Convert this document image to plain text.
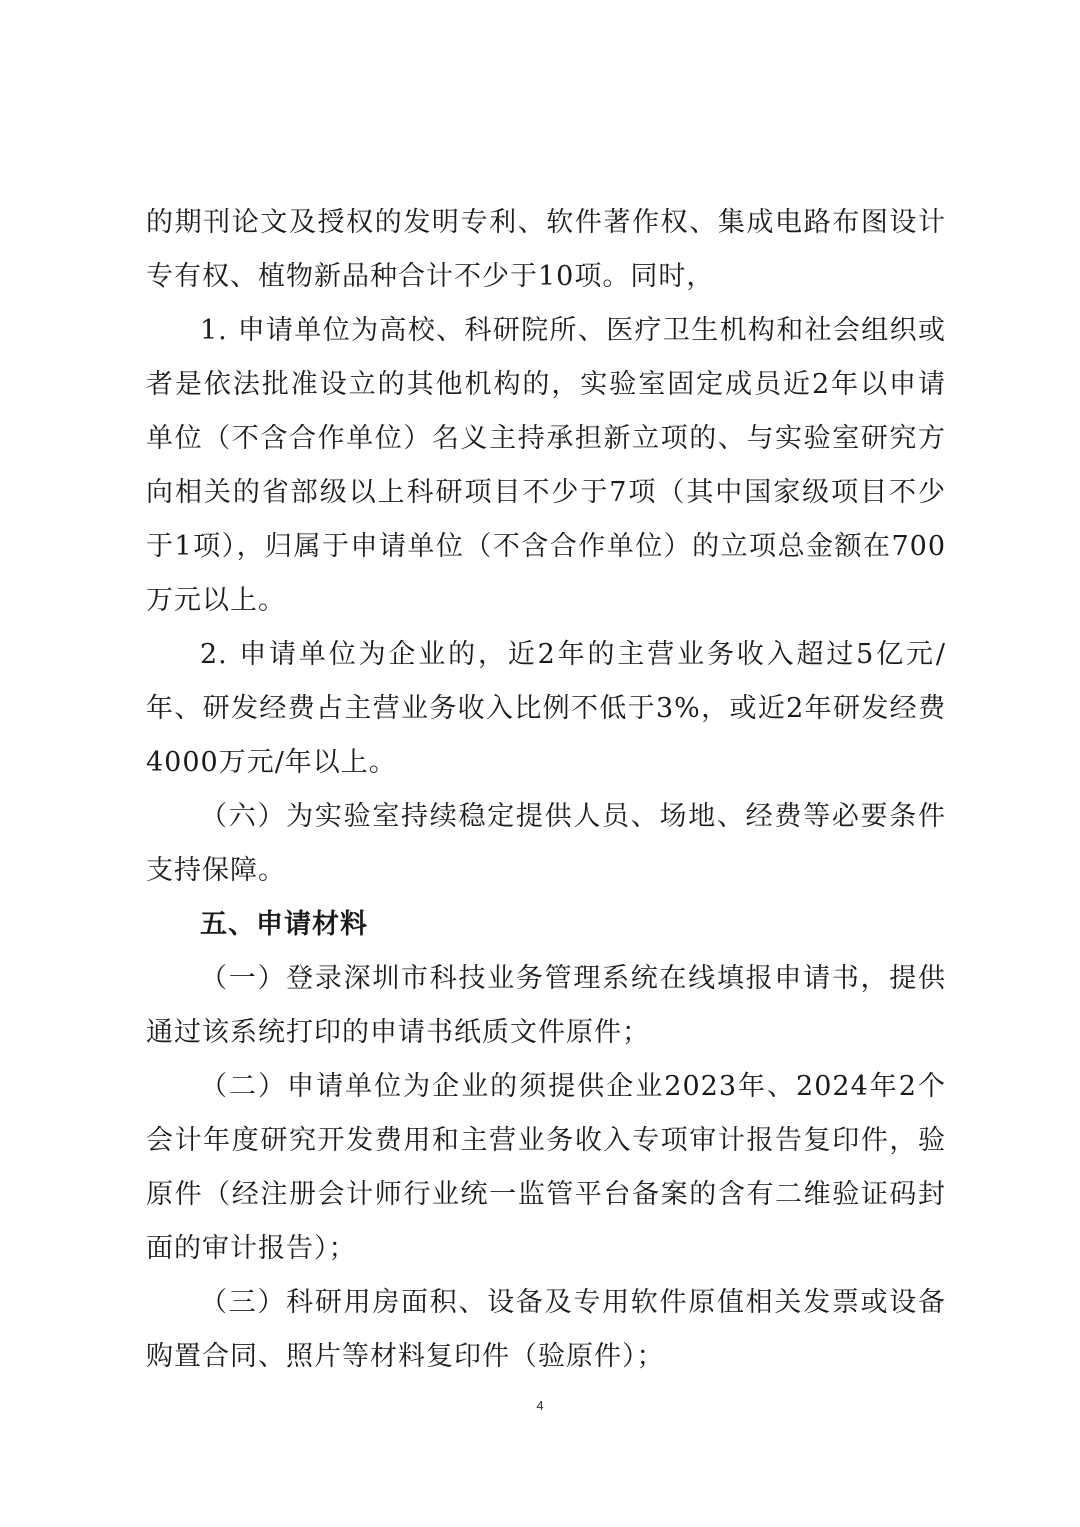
的期刊论文及授权的发明专利、软件著作权、集成电路布图设计专有权、植物新品种合计不少于10项。同时，

1. 申请单位为高校、科研院所、医疗卫生机构和社会组织或者是依法批准设立的其他机构的，实验室固定成员近2年以申请单位（不含合作单位）名义主持承担新立项的、与实验室研究方向相关的省部级以上科研项目不少于7项（其中国家级项目不少于1项），归属于申请单位（不含合作单位）的立项总金额在700万元以上。

2. 申请单位为企业的，近2年的主营业务收入超过5亿元/年、研发经费占主营业务收入比例不低于3%，或近2年研发经费4000万元/年以上。

（六）为实验室持续稳定提供人员、场地、经费等必要条件支持保障。

五、申请材料

（一）登录深圳市科技业务管理系统在线填报申请书，提供通过该系统打印的申请书纸质文件原件；

（二）申请单位为企业的须提供企业2023年、2024年2个会计年度研究开发费用和主营业务收入专项审计报告复印件，验原件（经注册会计师行业统一监管平台备案的含有二维验证码封面的审计报告）；

（三）科研用房面积、设备及专用软件原值相关发票或设备购置合同、照片等材料复印件（验原件）；

4
